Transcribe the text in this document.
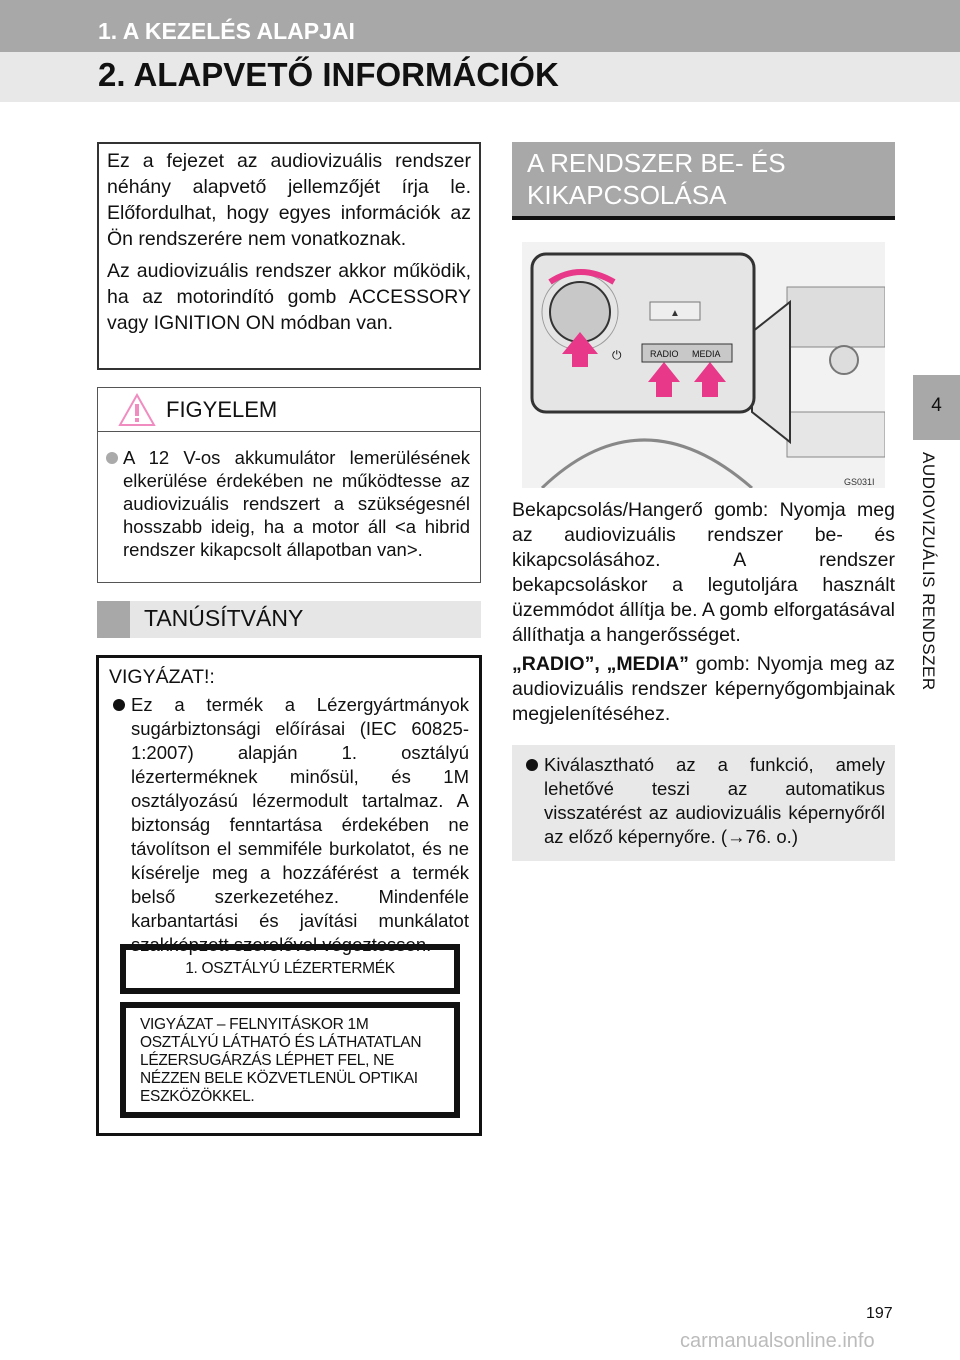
1. A KEZELÉS ALAPJAI
2. ALAPVETŐ INFORMÁCIÓK

Ez a fejezet az audiovizuális rendszer néhány alapvető jellemzőjét írja le. Előfordulhat, hogy egyes információk az Ön rendszerére nem vonatkoznak.

Az audiovizuális rendszer akkor működik, ha az motorindító gomb ACCESSORY vagy IGNITION ON módban van.

FIGYELEM
A 12 V-os akkumulátor lemerülésének elkerülése érdekében ne működtesse az audiovizuális rendszert a szükségesnél hosszabb ideig, ha a motor áll <a hibrid rendszer kikapcsolt állapotban van>.
TANÚSÍTVÁNY
VIGYÁZAT!:
Ez a termék a Lézergyártmányok sugárbiztonsági előírásai (IEC 60825-1:2007) alapján 1. osztályú lézerterméknek minősül, és 1M osztályozású lézermodult tartalmaz. A biztonság fenntartása érdekében ne távolítson el semmiféle burkolatot, és ne kísérelje meg a hozzáférést a termék belső szerkezetéhez. Mindenféle karbantartási és javítási munkálatot szakképzett szerelővel végeztessen.
1. OSZTÁLYÚ LÉZERTERMÉK
VIGYÁZAT – FELNYITÁSKOR 1M OSZTÁLYÚ LÁTHATÓ ÉS LÁTHATATLAN LÉZERSUGÁRZÁS LÉPHET FEL, NE NÉZZEN BELE KÖZVETLENÜL OPTIKAI ESZKÖZÖKKEL.
A RENDSZER BE- ÉS KIKAPCSOLÁSA
▲
⏻	RADIO MEDIA
GS031I

Bekapcsolás/Hangerő gomb: Nyomja meg az audiovizuális rendszer be- és kikapcsolásához. A rendszer bekapcsoláskor a legutoljára használt üzemmódot állítja be. A gomb elforgatásával állíthatja a hangerősséget.

„RADIO”, „MEDIA” gomb: Nyomja meg az audiovizuális rendszer képernyőgombjainak megjelenítéséhez.

Kiválasztható az a funkció, amely lehetővé teszi az automatikus visszatérést az audiovizuális képernyőről az előző képernyőre. (→76. o.)
4
AUDIOVIZUÁLIS RENDSZER
197
carmanualsonline.info
